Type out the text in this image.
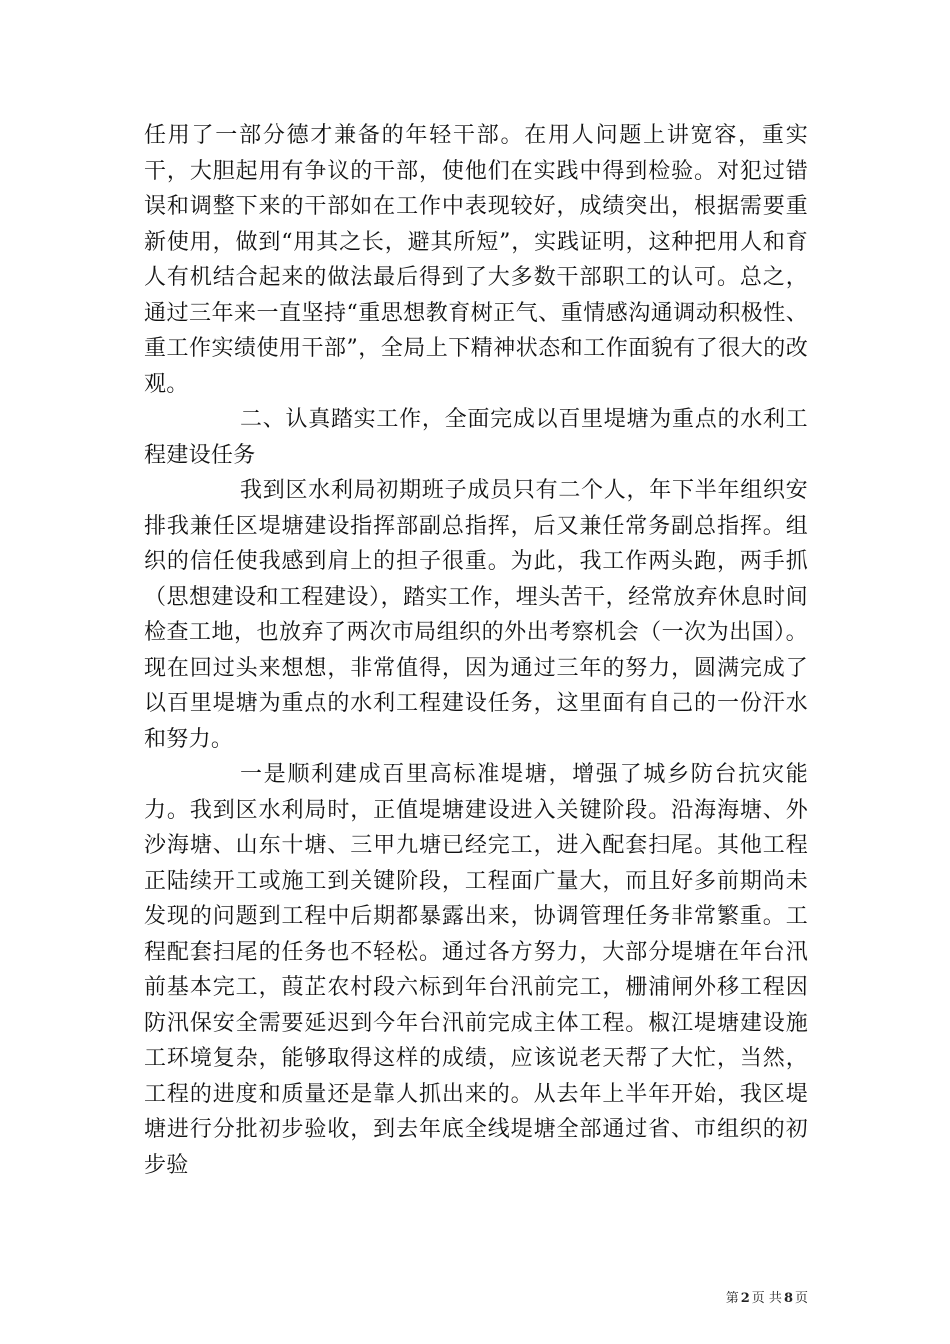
任用了一部分德才兼备的年轻干部。在用人问题上讲宽容，重实干，大胆起用有争议的干部，使他们在实践中得到检验。对犯过错误和调整下来的干部如在工作中表现较好，成绩突出，根据需要重新使用，做到“用其之长，避其所短”，实践证明，这种把用人和育人有机结合起来的做法最后得到了大多数干部职工的认可。总之，通过三年来一直坚持“重思想教育树正气、重情感沟通调动积极性、重工作实绩使用干部”，全局上下精神状态和工作面貌有了很大的改观。

二、认真踏实工作，全面完成以百里堤塘为重点的水利工程建设任务

我到区水利局初期班子成员只有二个人，年下半年组织安排我兼任区堤塘建设指挥部副总指挥，后又兼任常务副总指挥。组织的信任使我感到肩上的担子很重。为此，我工作两头跑，两手抓（思想建设和工程建设），踏实工作，埋头苦干，经常放弃休息时间检查工地，也放弃了两次市局组织的外出考察机会（一次为出国）。现在回过头来想想，非常值得，因为通过三年的努力，圆满完成了以百里堤塘为重点的水利工程建设任务，这里面有自己的一份汗水和努力。

一是顺利建成百里高标准堤塘，增强了城乡防台抗灾能力。我到区水利局时，正值堤塘建设进入关键阶段。沿海海塘、外沙海塘、山东十塘、三甲九塘已经完工，进入配套扫尾。其他工程正陆续开工或施工到关键阶段，工程面广量大，而且好多前期尚未发现的问题到工程中后期都暴露出来，协调管理任务非常繁重。工程配套扫尾的任务也不轻松。通过各方努力，大部分堤塘在年台汛前基本完工，葭芷农村段六标到年台汛前完工，栅浦闸外移工程因防汛保安全需要延迟到今年台汛前完成主体工程。椒江堤塘建设施工环境复杂，能够取得这样的成绩，应该说老天帮了大忙，当然，工程的进度和质量还是靠人抓出来的。从去年上半年开始，我区堤塘进行分批初步验收，到去年底全线堤塘全部通过省、市组织的初步验

第 2 页 共 8 页
